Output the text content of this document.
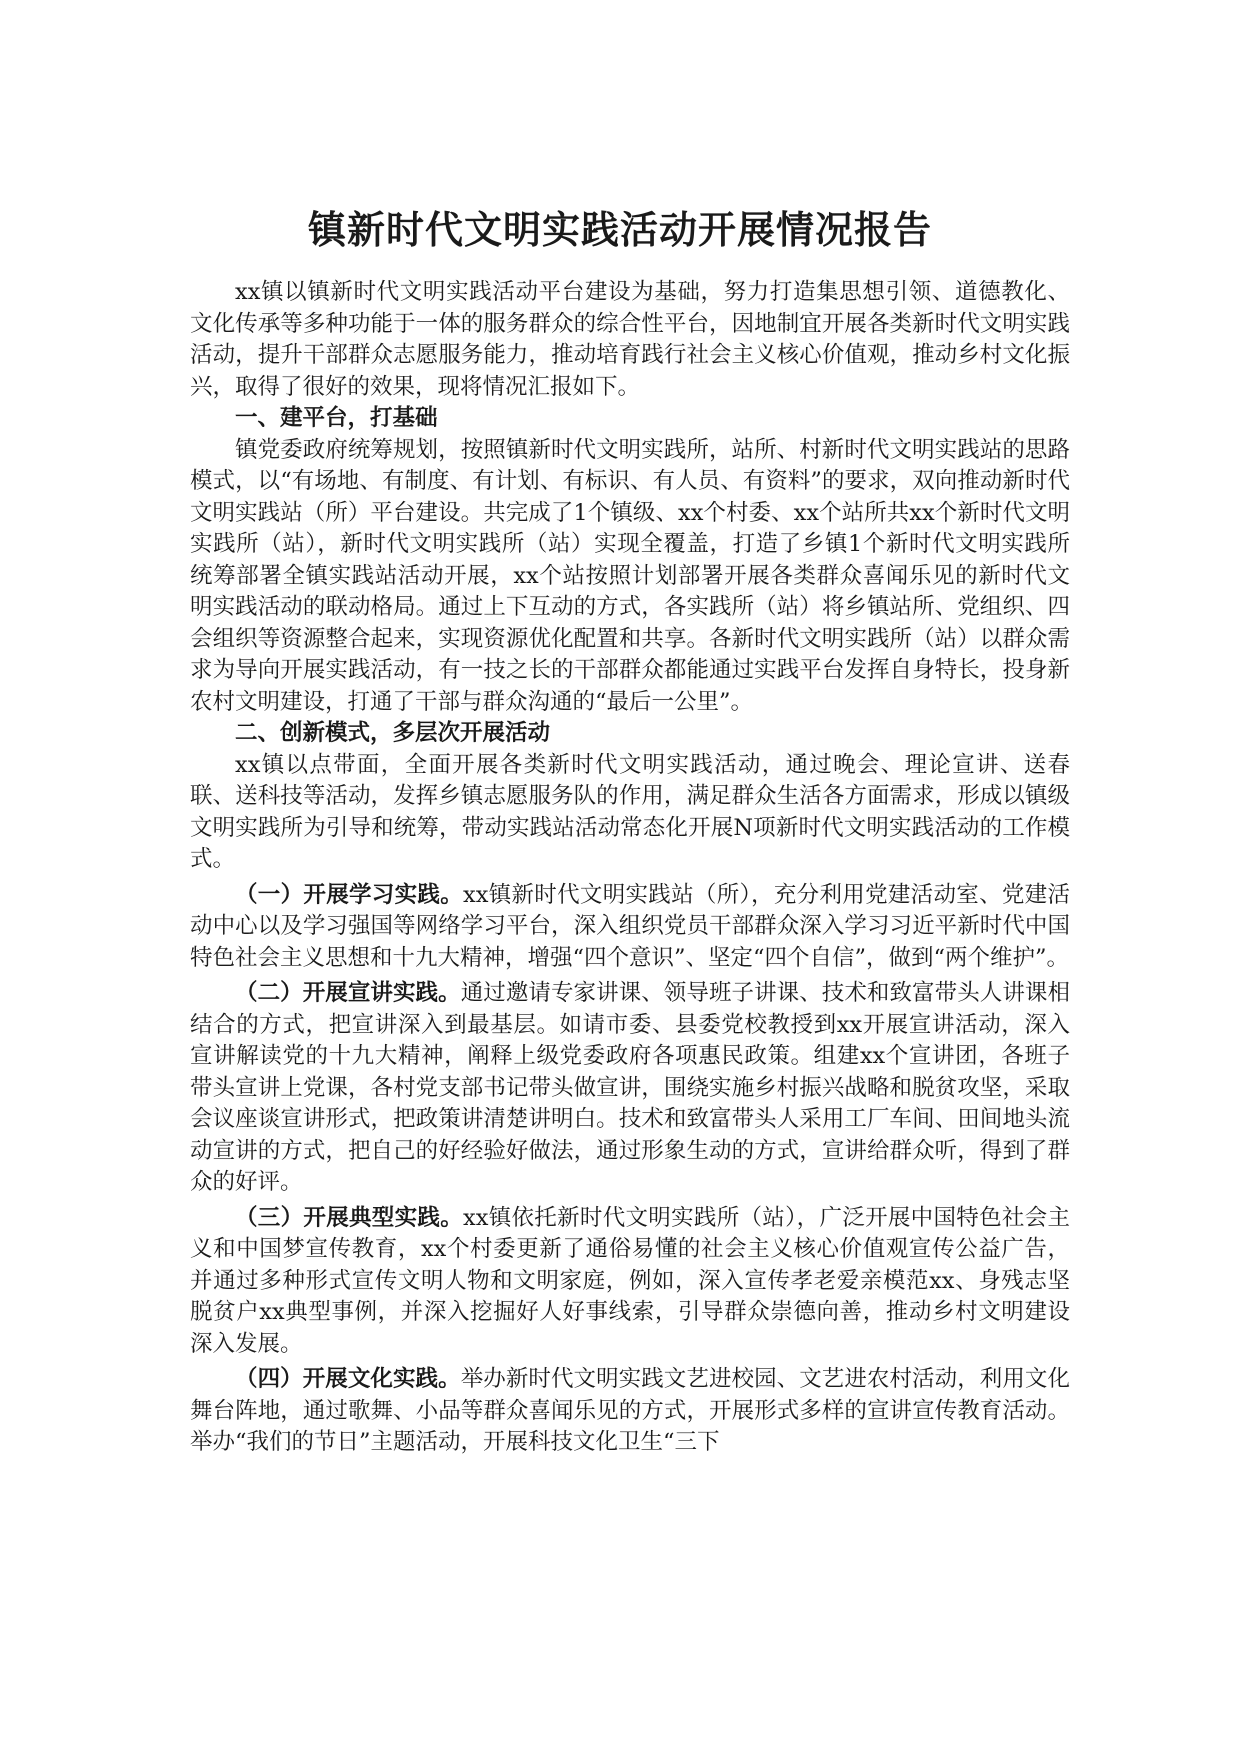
镇新时代文明实践活动开展情况报告

xx镇以镇新时代文明实践活动平台建设为基础，努力打造集思想引领、道德教化、文化传承等多种功能于一体的服务群众的综合性平台，因地制宜开展各类新时代文明实践活动，提升干部群众志愿服务能力，推动培育践行社会主义核心价值观，推动乡村文化振兴，取得了很好的效果，现将情况汇报如下。

一、建平台，打基础

镇党委政府统筹规划，按照镇新时代文明实践所，站所、村新时代文明实践站的思路模式，以“有场地、有制度、有计划、有标识、有人员、有资料”的要求，双向推动新时代文明实践站（所）平台建设。共完成了1个镇级、xx个村委、xx个站所共xx个新时代文明实践所（站），新时代文明实践所（站）实现全覆盖，打造了乡镇1个新时代文明实践所统筹部署全镇实践站活动开展，xx个站按照计划部署开展各类群众喜闻乐见的新时代文明实践活动的联动格局。通过上下互动的方式，各实践所（站）将乡镇站所、党组织、四会组织等资源整合起来，实现资源优化配置和共享。各新时代文明实践所（站）以群众需求为导向开展实践活动，有一技之长的干部群众都能通过实践平台发挥自身特长，投身新农村文明建设，打通了干部与群众沟通的“最后一公里”。

二、创新模式，多层次开展活动

xx镇以点带面，全面开展各类新时代文明实践活动，通过晚会、理论宣讲、送春联、送科技等活动，发挥乡镇志愿服务队的作用，满足群众生活各方面需求，形成以镇级文明实践所为引导和统筹，带动实践站活动常态化开展N项新时代文明实践活动的工作模式。

（一）开展学习实践。xx镇新时代文明实践站（所），充分利用党建活动室、党建活动中心以及学习强国等网络学习平台，深入组织党员干部群众深入学习习近平新时代中国特色社会主义思想和十九大精神，增强“四个意识”、坚定“四个自信”，做到“两个维护”。

（二）开展宣讲实践。通过邀请专家讲课、领导班子讲课、技术和致富带头人讲课相结合的方式，把宣讲深入到最基层。如请市委、县委党校教授到xx开展宣讲活动，深入宣讲解读党的十九大精神，阐释上级党委政府各项惠民政策。组建xx个宣讲团，各班子带头宣讲上党课，各村党支部书记带头做宣讲，围绕实施乡村振兴战略和脱贫攻坚，采取会议座谈宣讲形式，把政策讲清楚讲明白。技术和致富带头人采用工厂车间、田间地头流动宣讲的方式，把自己的好经验好做法，通过形象生动的方式，宣讲给群众听，得到了群众的好评。

（三）开展典型实践。xx镇依托新时代文明实践所（站），广泛开展中国特色社会主义和中国梦宣传教育，xx个村委更新了通俗易懂的社会主义核心价值观宣传公益广告，并通过多种形式宣传文明人物和文明家庭，例如，深入宣传孝老爱亲模范xx、身残志坚脱贫户xx典型事例，并深入挖掘好人好事线索，引导群众崇德向善，推动乡村文明建设深入发展。

（四）开展文化实践。举办新时代文明实践文艺进校园、文艺进农村活动，利用文化舞台阵地，通过歌舞、小品等群众喜闻乐见的方式，开展形式多样的宣讲宣传教育活动。举办“我们的节日”主题活动，开展科技文化卫生“三下
